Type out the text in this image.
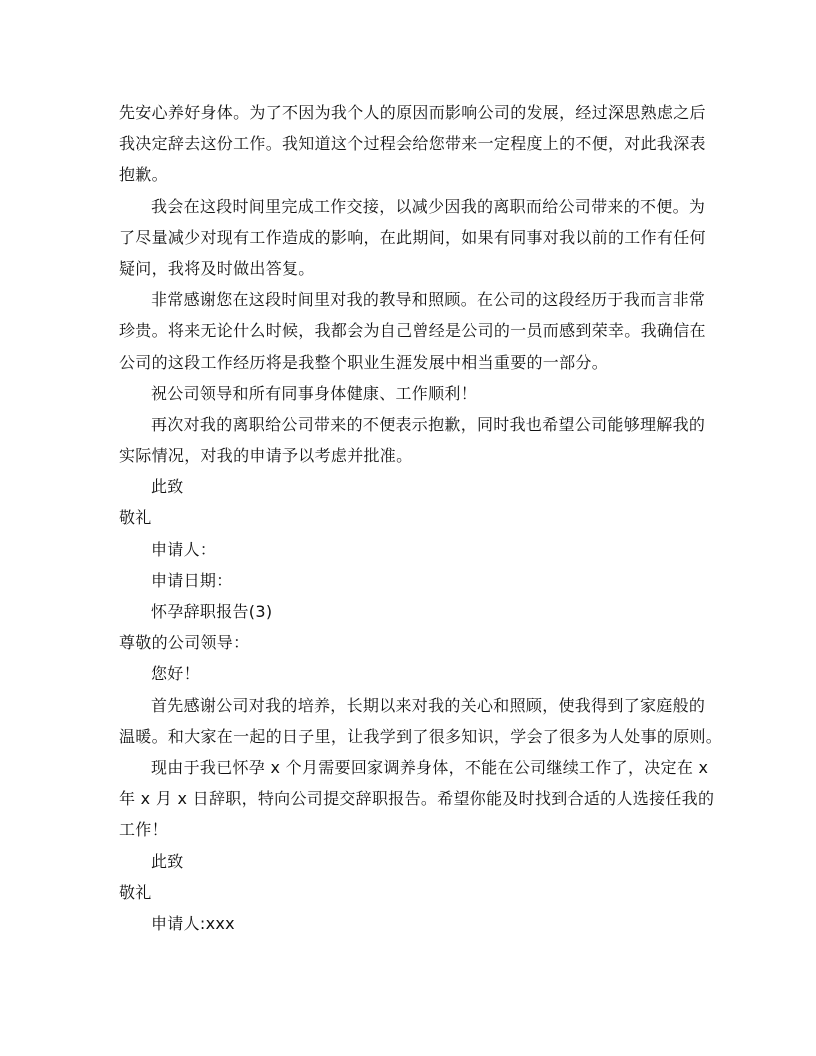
先安心养好身体。为了不因为我个人的原因而影响公司的发展，经过深思熟虑之后
我决定辞去这份工作。我知道这个过程会给您带来一定程度上的不便，对此我深表
抱歉。
我会在这段时间里完成工作交接，以减少因我的离职而给公司带来的不便。为
了尽量减少对现有工作造成的影响，在此期间，如果有同事对我以前的工作有任何
疑问，我将及时做出答复。
非常感谢您在这段时间里对我的教导和照顾。在公司的这段经历于我而言非常
珍贵。将来无论什么时候，我都会为自己曾经是公司的一员而感到荣幸。我确信在
公司的这段工作经历将是我整个职业生涯发展中相当重要的一部分。
祝公司领导和所有同事身体健康、工作顺利！
再次对我的离职给公司带来的不便表示抱歉，同时我也希望公司能够理解我的
实际情况，对我的申请予以考虑并批准。
此致
敬礼
申请人：
申请日期：
怀孕辞职报告(3)
尊敬的公司领导：
您好！
首先感谢公司对我的培养，长期以来对我的关心和照顾，使我得到了家庭般的
温暖。和大家在一起的日子里，让我学到了很多知识，学会了很多为人处事的原则。
现由于我已怀孕 x 个月需要回家调养身体，不能在公司继续工作了，决定在 x
年 x 月 x 日辞职，特向公司提交辞职报告。希望你能及时找到合适的人选接任我的
工作！
此致
敬礼
申请人:xxx
